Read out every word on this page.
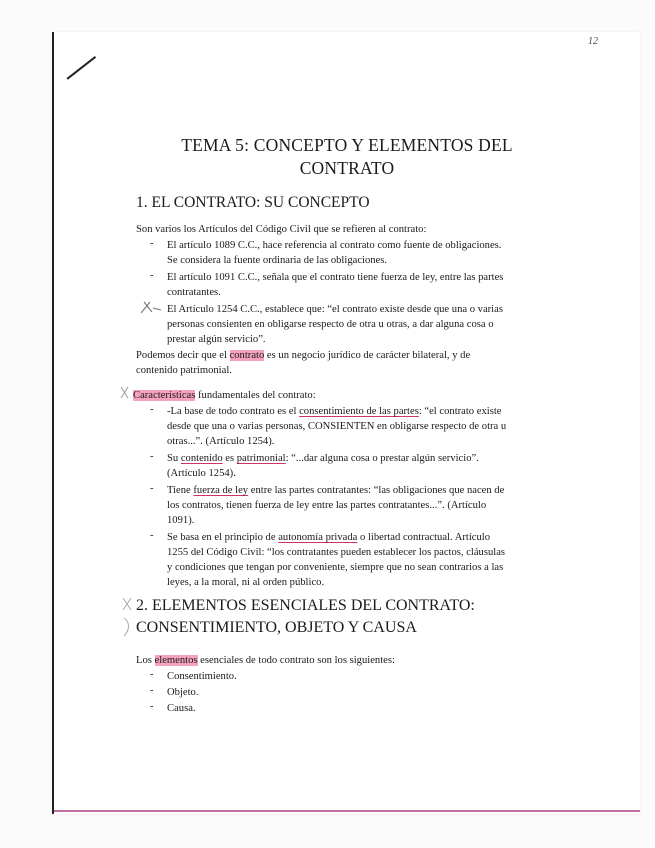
12
TEMA 5: CONCEPTO Y ELEMENTOS DEL
CONTRATO
1. EL CONTRATO: SU CONCEPTO
Son varios los Artículos del Código Civil que se refieren al contrato:
- El artículo 1089 C.C., hace referencia al contrato como fuente de obligaciones.
Se considera la fuente ordinaria de las obligaciones.
- El artículo 1091 C.C., señala que el contrato tiene fuerza de ley, entre las partes
contratantes.
El Artículo 1254 C.C., establece que: “el contrato existe desde que una o varias
personas consienten en obligarse respecto de otra u otras, a dar alguna cosa o
prestar algún servicio”.
Podemos decir que el contrato es un negocio jurídico de carácter bilateral, y de
contenido patrimonial.
Características fundamentales del contrato:
- -La base de todo contrato es el consentimiento de las partes: “el contrato existe
desde que una o varias personas, CONSIENTEN en obligarse respecto de otra u
otras...”. (Artículo 1254).
- Su contenido es patrimonial: “...dar alguna cosa o prestar algún servicio”.
(Artículo 1254).
- Tiene fuerza de ley entre las partes contratantes: “las obligaciones que nacen de
los contratos, tienen fuerza de ley entre las partes contratantes...”. (Artículo
1091).
- Se basa en el principio de autonomía privada o libertad contractual. Artículo
1255 del Código Civil: “los contratantes pueden establecer los pactos, cláusulas
y condiciones que tengan por conveniente, siempre que no sean contrarios a las
leyes, a la moral, ni al orden público.
2. ELEMENTOS ESENCIALES DEL CONTRATO:
CONSENTIMIENTO, OBJETO Y CAUSA
Los elementos esenciales de todo contrato son los siguientes:
- Consentimiento.
- Objeto.
- Causa.
